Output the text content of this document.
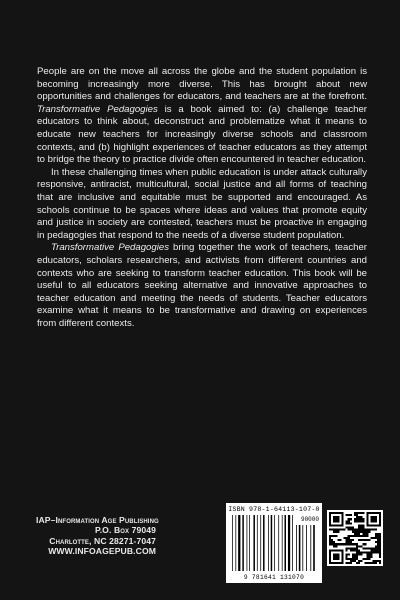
People are on the move all across the globe and the student population is becoming increasingly more diverse. This has brought about new opportunities and challenges for educators, and teachers are at the forefront. Transformative Pedagogies is a book aimed to: (a) challenge teacher educators to think about, deconstruct and problematize what it means to educate new teachers for increasingly diverse schools and classroom contexts, and (b) highlight experiences of teacher educators as they attempt to bridge the theory to practice divide often encountered in teacher education.

In these challenging times when public education is under attack culturally responsive, antiracist, multicultural, social justice and all forms of teaching that are inclusive and equitable must be supported and encouraged. As schools continue to be spaces where ideas and values that promote equity and justice in society are contested, teachers must be proactive in engaging in pedagogies that respond to the needs of a diverse student population.

Transformative Pedagogies bring together the work of teachers, teacher educators, scholars researchers, and activists from different countries and contexts who are seeking to transform teacher education. This book will be useful to all educators seeking alternative and innovative approaches to teacher education and meeting the needs of students. Teacher educators examine what it means to be transformative and drawing on experiences from different contexts.

IAP–Information Age Publishing
P.O. Box 79049
Charlotte, NC 28271-7047
WWW.INFOAGEPUB.COM
ISBN 978-1-64113-107-0
90000
9 781641 131070
